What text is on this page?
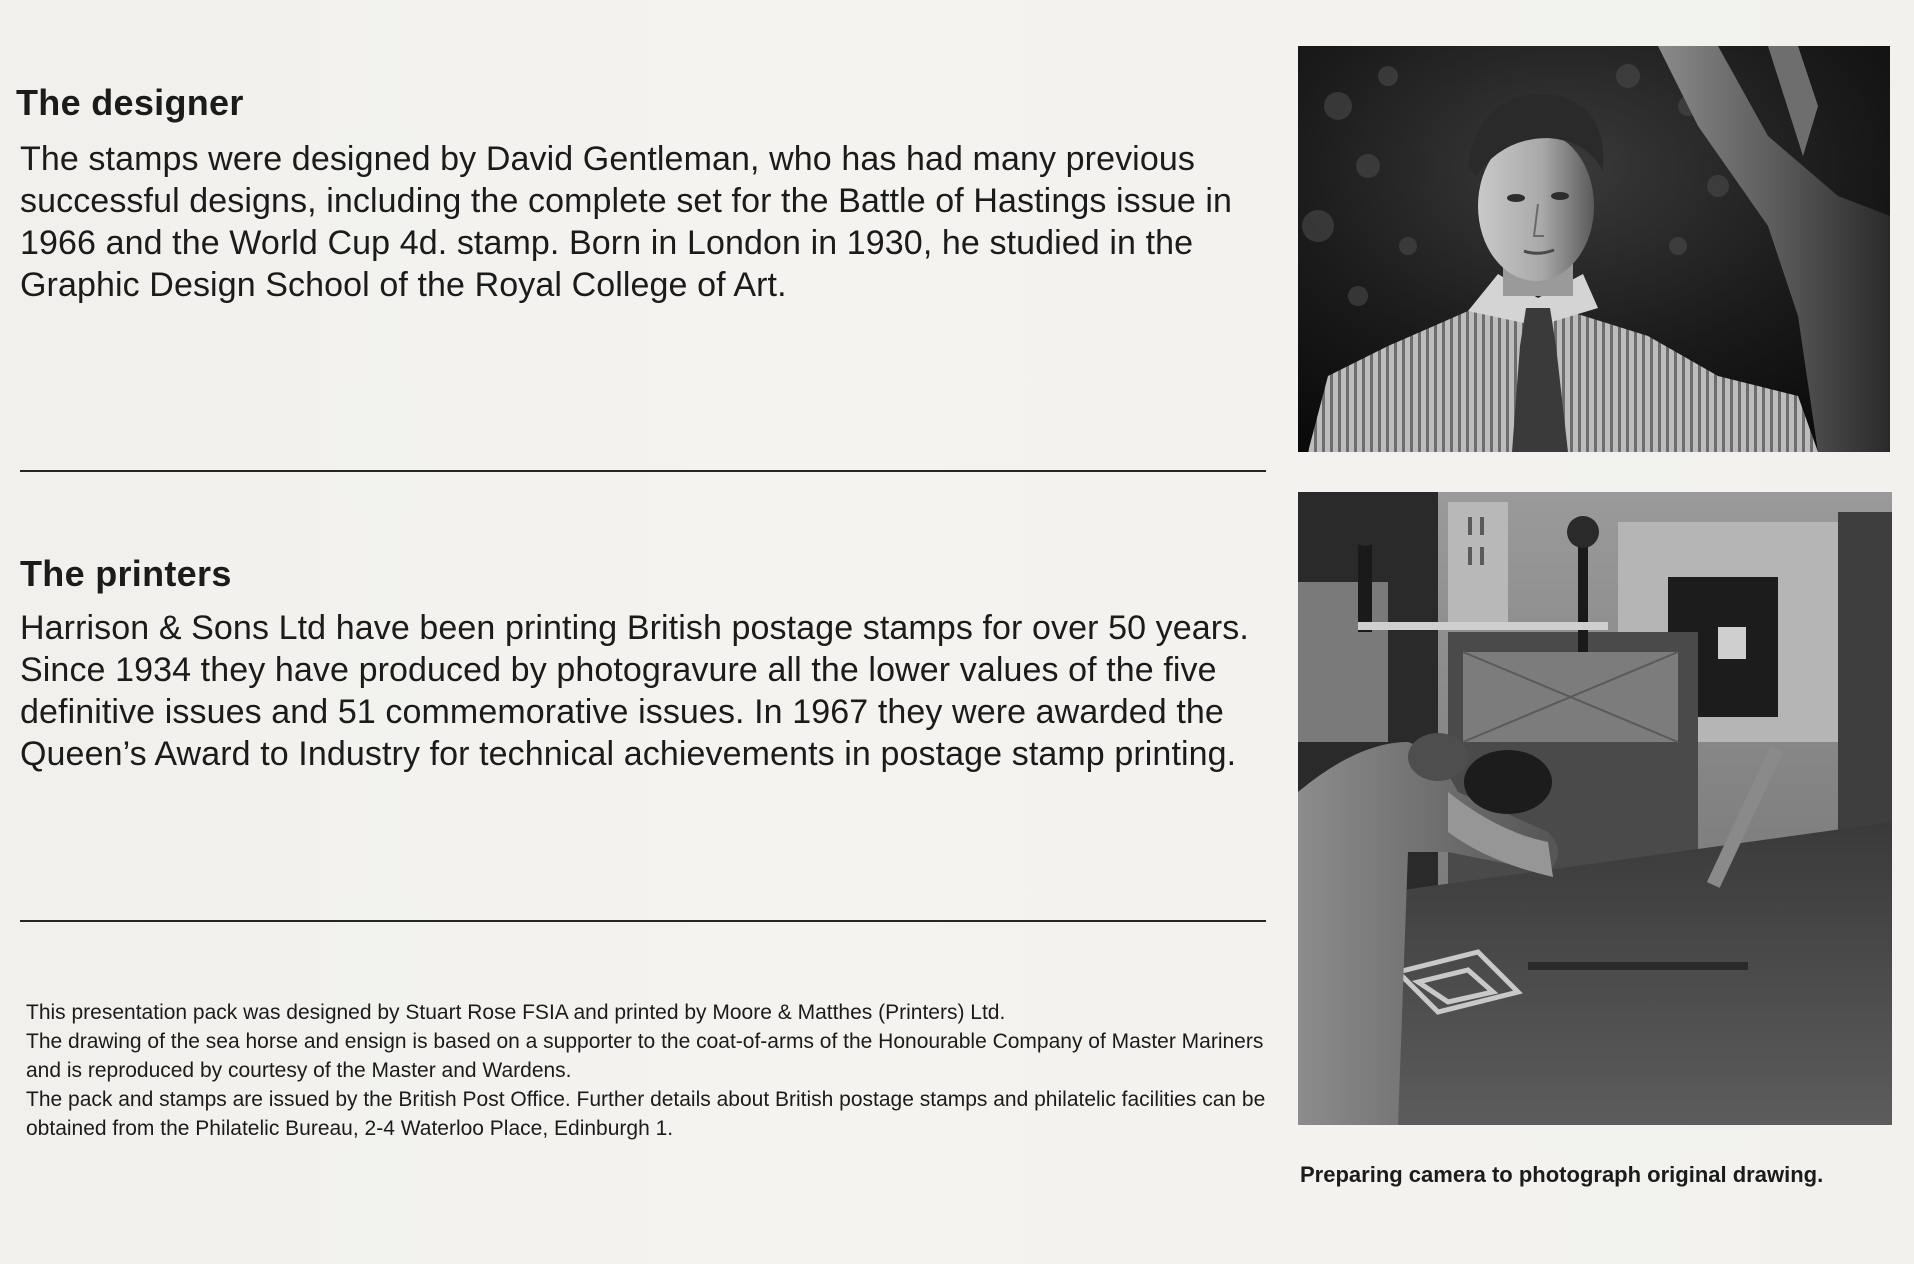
The designer

The stamps were designed by David Gentleman, who has had many previous successful designs, including the complete set for the Battle of Hastings issue in 1966 and the World Cup 4d. stamp. Born in London in 1930, he studied in the Graphic Design School of the Royal College of Art.

The printers

Harrison & Sons Ltd have been printing British postage stamps for over 50 years. Since 1934 they have produced by photogravure all the lower values of the five definitive issues and 51 commemorative issues. In 1967 they were awarded the Queen’s Award to Industry for technical achievements in postage stamp printing.

This presentation pack was designed by Stuart Rose FSIA and printed by Moore & Matthes (Printers) Ltd.

The drawing of the sea horse and ensign is based on a supporter to the coat-of-arms of the Honourable Company of Master Mariners and is reproduced by courtesy of the Master and Wardens.

The pack and stamps are issued by the British Post Office. Further details about British postage stamps and philatelic facilities can be obtained from the Philatelic Bureau, 2-4 Waterloo Place, Edinburgh 1.

Preparing camera to photograph original drawing.
